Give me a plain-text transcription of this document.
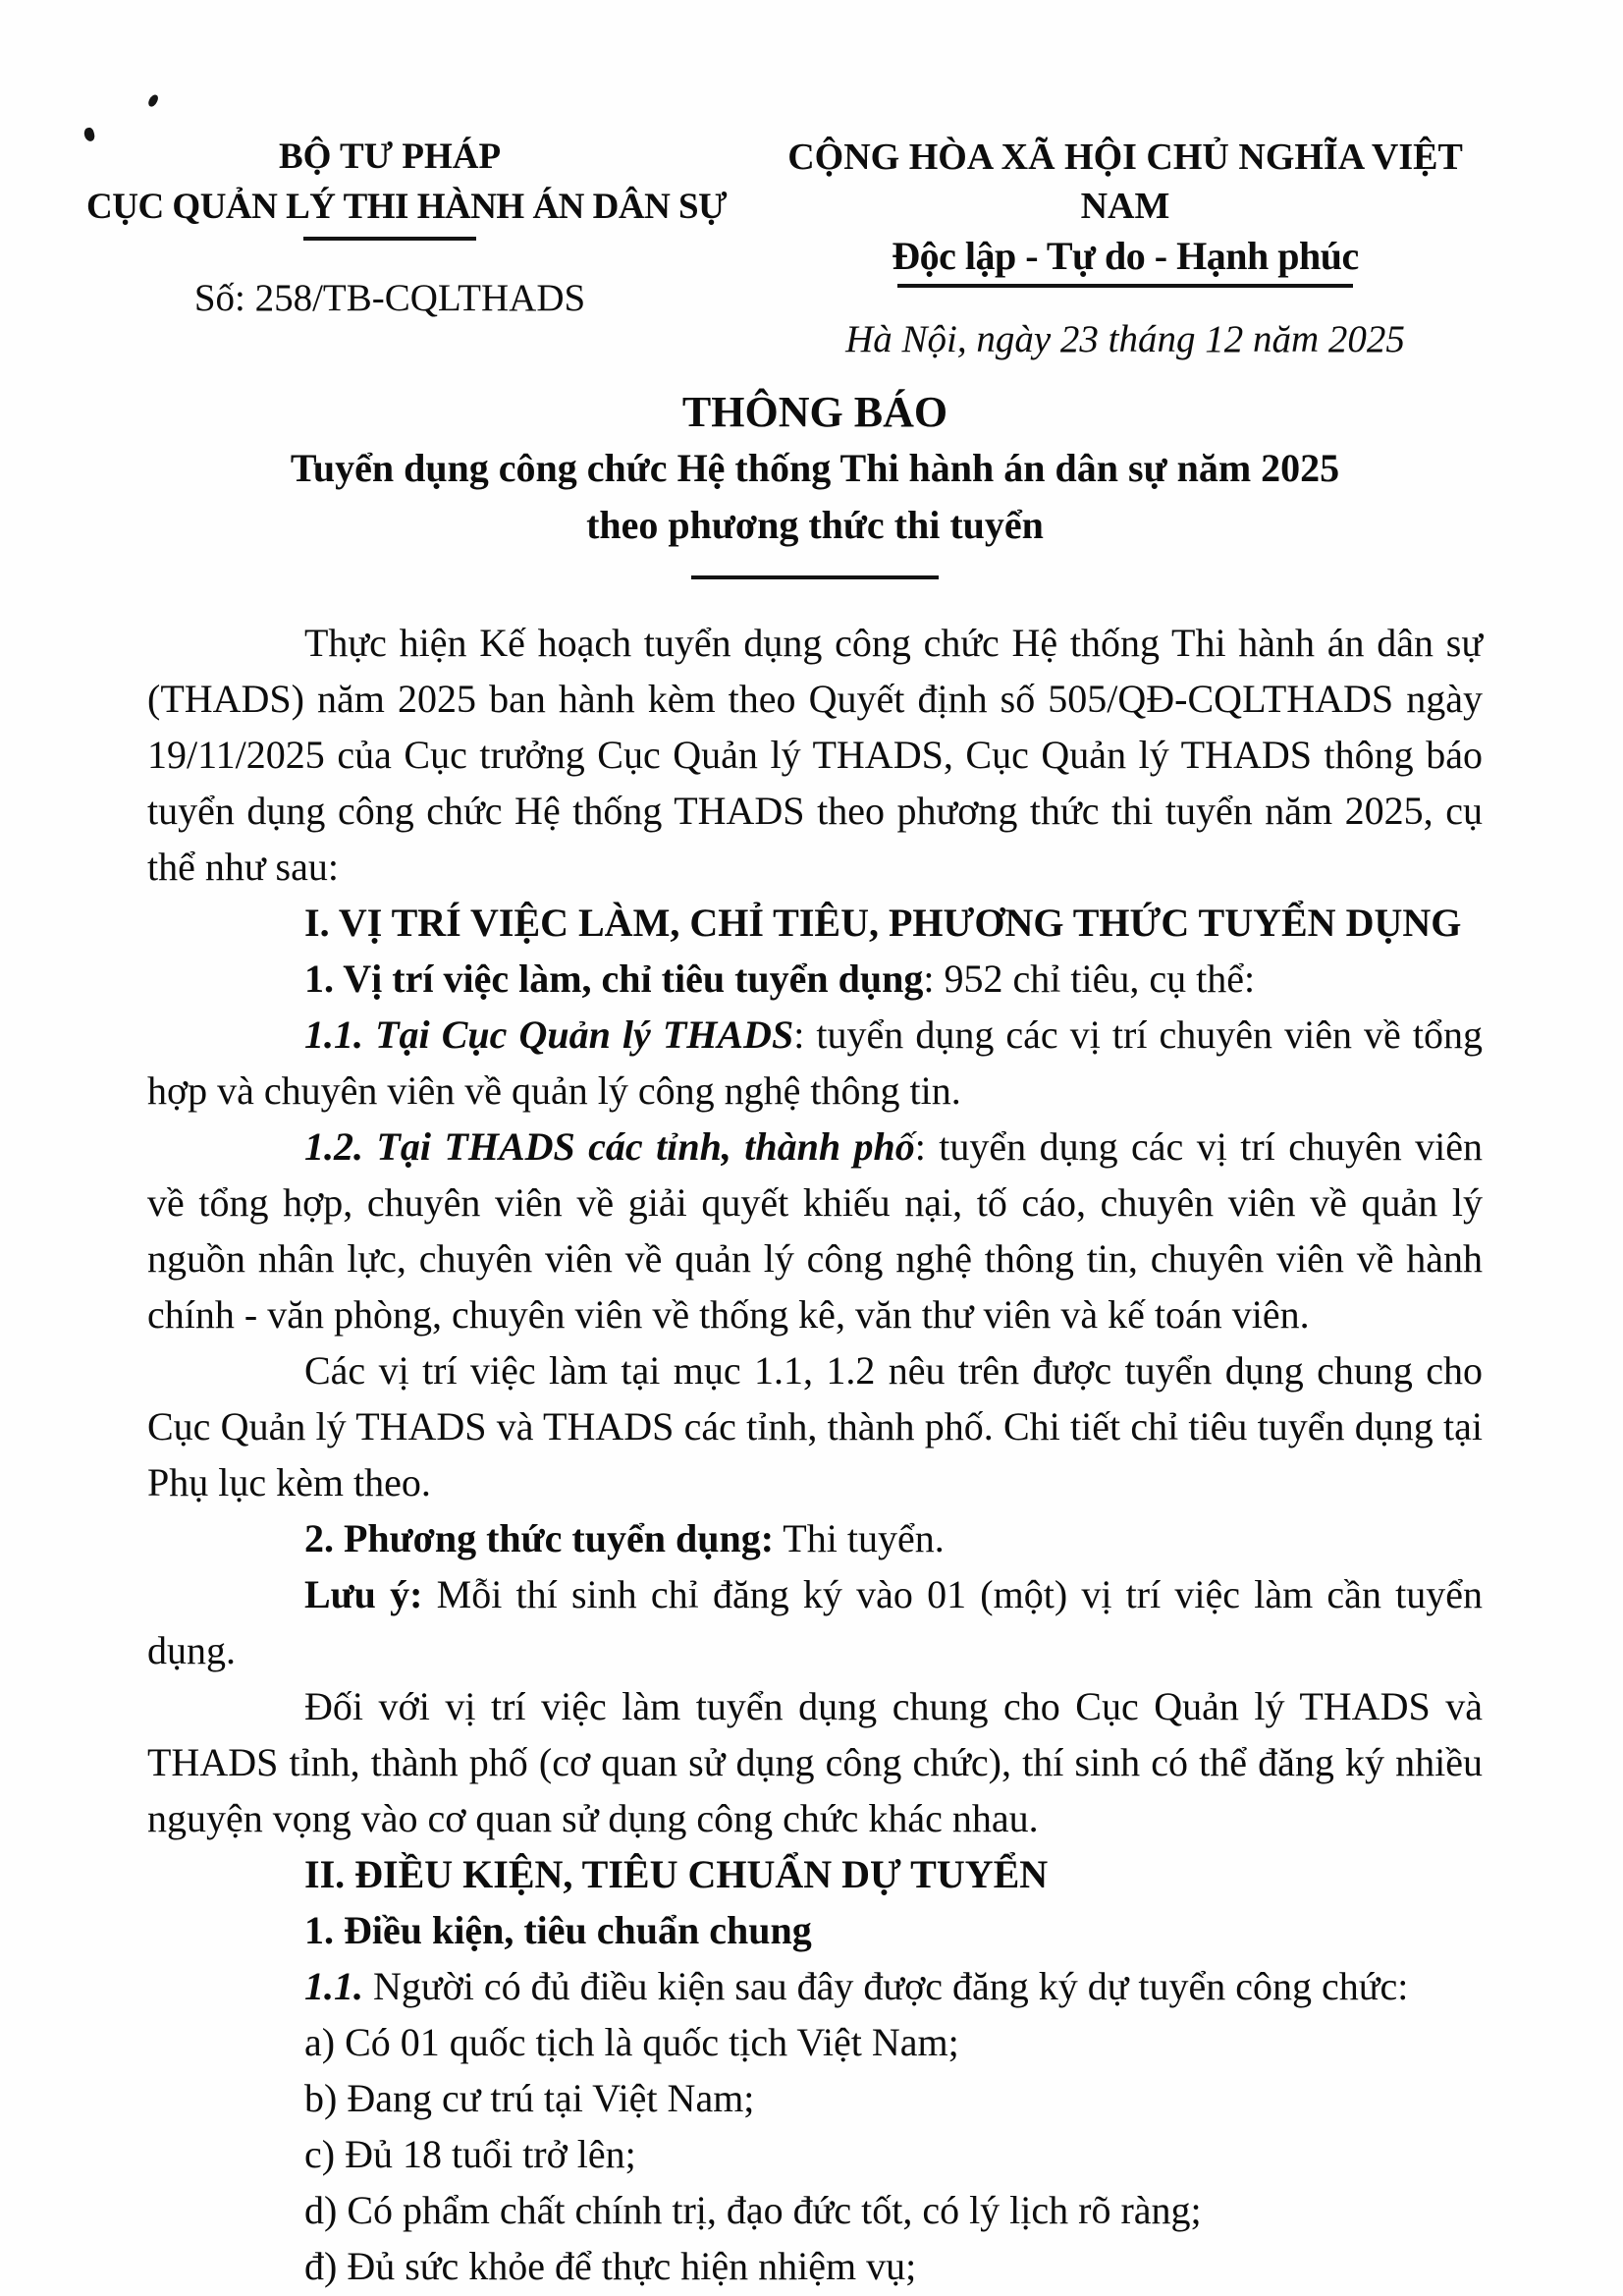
BỘ TƯ PHÁP
CỤC QUẢN LÝ THI HÀNH ÁN DÂN SỰ
Số: 258/TB-CQLTHADS
CỘNG HÒA XÃ HỘI CHỦ NGHĨA VIỆT NAM
Độc lập - Tự do - Hạnh phúc
Hà Nội, ngày 23 tháng 12 năm 2025
THÔNG BÁO
Tuyển dụng công chức Hệ thống Thi hành án dân sự năm 2025
theo phương thức thi tuyển

Thực hiện Kế hoạch tuyển dụng công chức Hệ thống Thi hành án dân sự (THADS) năm 2025 ban hành kèm theo Quyết định số 505/QĐ-CQLTHADS ngày 19/11/2025 của Cục trưởng Cục Quản lý THADS, Cục Quản lý THADS thông báo tuyển dụng công chức Hệ thống THADS theo phương thức thi tuyển năm 2025, cụ thể như sau:

I. VỊ TRÍ VIỆC LÀM, CHỈ TIÊU, PHƯƠNG THỨC TUYỂN DỤNG

1. Vị trí việc làm, chỉ tiêu tuyển dụng: 952 chỉ tiêu, cụ thể:

1.1. Tại Cục Quản lý THADS: tuyển dụng các vị trí chuyên viên về tổng hợp và chuyên viên về quản lý công nghệ thông tin.

1.2. Tại THADS các tỉnh, thành phố: tuyển dụng các vị trí chuyên viên về tổng hợp, chuyên viên về giải quyết khiếu nại, tố cáo, chuyên viên về quản lý nguồn nhân lực, chuyên viên về quản lý công nghệ thông tin, chuyên viên về hành chính - văn phòng, chuyên viên về thống kê, văn thư viên và kế toán viên.

Các vị trí việc làm tại mục 1.1, 1.2 nêu trên được tuyển dụng chung cho Cục Quản lý THADS và THADS các tỉnh, thành phố. Chi tiết chỉ tiêu tuyển dụng tại Phụ lục kèm theo.

2. Phương thức tuyển dụng: Thi tuyển.

Lưu ý: Mỗi thí sinh chỉ đăng ký vào 01 (một) vị trí việc làm cần tuyển dụng.

Đối với vị trí việc làm tuyển dụng chung cho Cục Quản lý THADS và THADS tỉnh, thành phố (cơ quan sử dụng công chức), thí sinh có thể đăng ký nhiều nguyện vọng vào cơ quan sử dụng công chức khác nhau.

II. ĐIỀU KIỆN, TIÊU CHUẨN DỰ TUYỂN

1. Điều kiện, tiêu chuẩn chung

1.1. Người có đủ điều kiện sau đây được đăng ký dự tuyển công chức:

a) Có 01 quốc tịch là quốc tịch Việt Nam;

b) Đang cư trú tại Việt Nam;

c) Đủ 18 tuổi trở lên;

d) Có phẩm chất chính trị, đạo đức tốt, có lý lịch rõ ràng;

đ) Đủ sức khỏe để thực hiện nhiệm vụ;
